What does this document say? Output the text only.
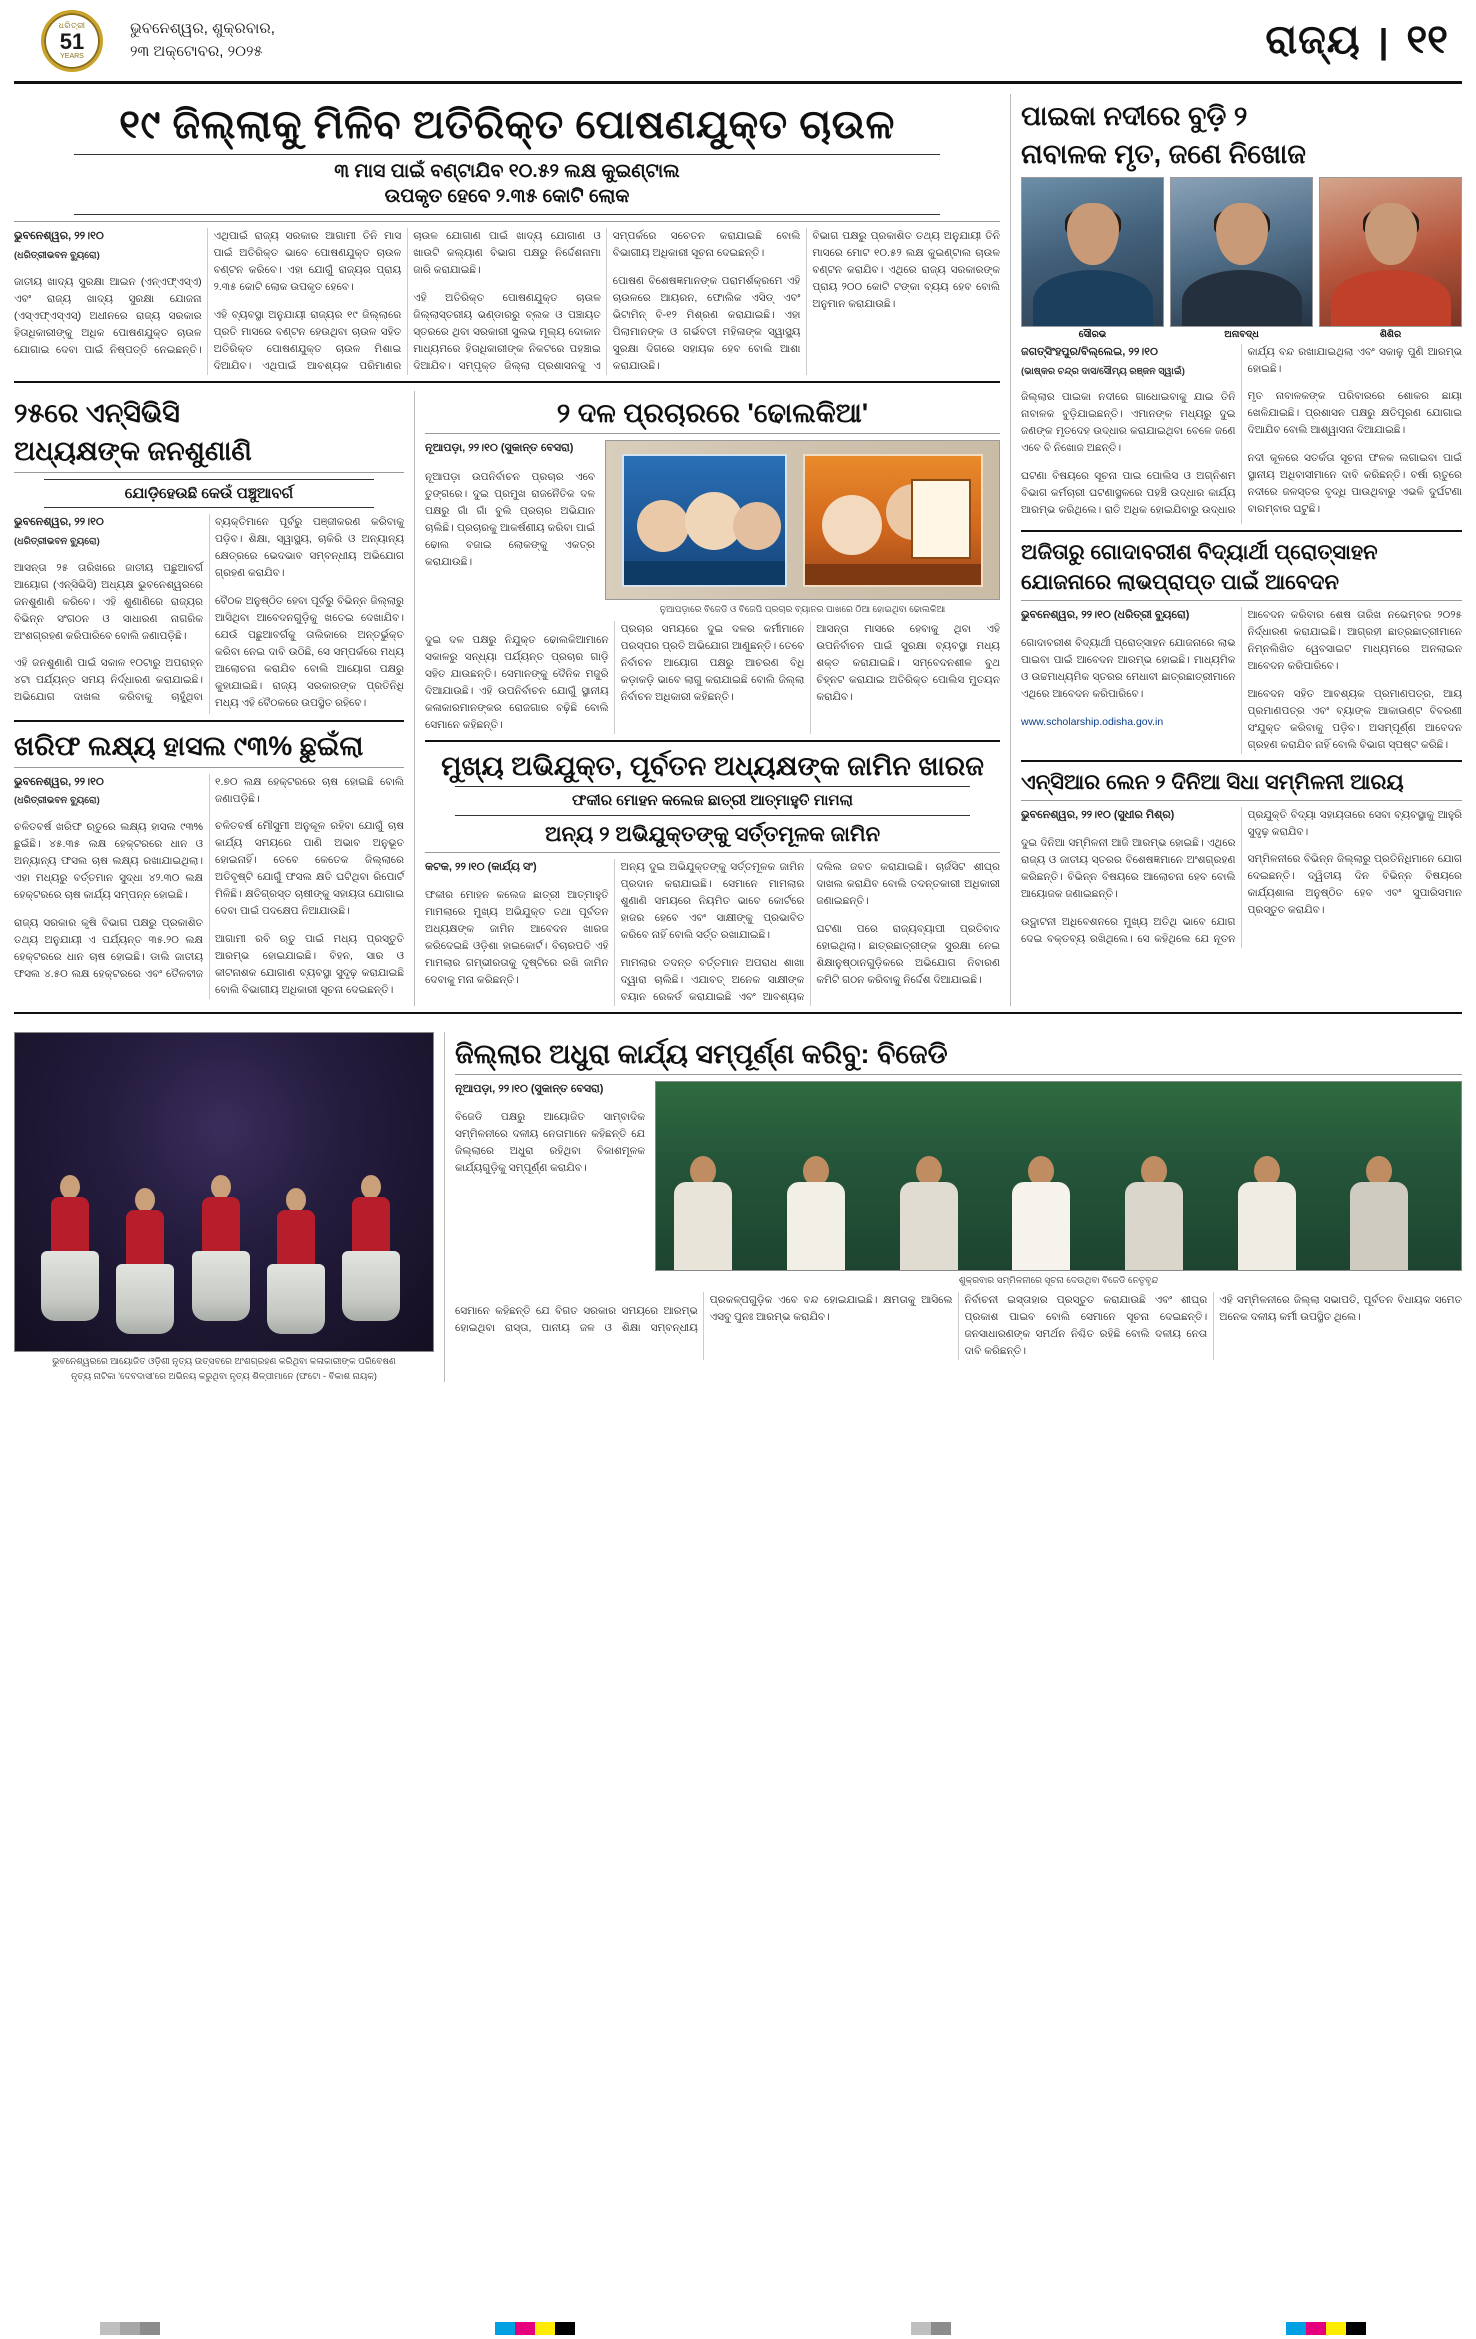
ଧରିତ୍ରୀ
51
YEARS
ଭୁବନେଶ୍ୱର, ଶୁକ୍ରବାର,
୨୩ ଅକ୍ଟୋବର, ୨୦୨୫	ରାଜ୍ୟ | ୧୧
୧୯ ଜିଲ୍ଲାକୁ ମିଳିବ ଅତିରିକ୍ତ ପୋଷଣଯୁକ୍ତ ଚାଉଳ
୩ ମାସ ପାଇଁ ବଣ୍ଟାଯିବ ୧୦.୫୨ ଲକ୍ଷ କୁଇଣ୍ଟାଲ
ଉପକୃତ ହେବେ ୨.୩୫ କୋଟି ଲୋକ
ଭୁବନେଶ୍ୱର, ୨୨।୧୦
(ଧରିତ୍ରୀଭବନ ବ୍ୟୁରୋ)

ଜାତୀୟ ଖାଦ୍ୟ ସୁରକ୍ଷା ଆଇନ (ଏନ୍‌ଏଫ୍‌ଏସ୍‌ଏ) ଏବଂ ରାଜ୍ୟ ଖାଦ୍ୟ ସୁରକ୍ଷା ଯୋଜନା (ଏସ୍‌ଏଫ୍‌ଏସ୍‌ଏସ୍) ଅଧୀନରେ ରାଜ୍ୟ ସରକାର ହିତାଧିକାରୀଙ୍କୁ ଅଧିକ ପୋଷଣଯୁକ୍ତ ଚାଉଳ ଯୋଗାଇ ଦେବା ପାଇଁ ନିଷ୍ପତ୍ତି ନେଇଛନ୍ତି। ଏଥିପାଇଁ ରାଜ୍ୟ ସରକାର ଆଗାମୀ ତିନି ମାସ ପାଇଁ ଅତିରିକ୍ତ ଭାବେ ପୋଷଣଯୁକ୍ତ ଚାଉଳ ବଣ୍ଟନ କରିବେ। ଏହା ଯୋଗୁଁ ରାଜ୍ୟର ପ୍ରାୟ ୨.୩୫ କୋଟି ଲୋକ ଉପକୃତ ହେବେ।

ଏହି ବ୍ୟବସ୍ଥା ଅନୁଯାୟୀ ରାଜ୍ୟର ୧୯ ଜିଲ୍ଲାରେ ପ୍ରତି ମାସରେ ବଣ୍ଟନ ହେଉଥିବା ଚାଉଳ ସହିତ ଅତିରିକ୍ତ ପୋଷଣଯୁକ୍ତ ଚାଉଳ ମିଶାଇ ଦିଆଯିବ। ଏଥିପାଇଁ ଆବଶ୍ୟକ ପରିମାଣର ଚାଉଳ ଯୋଗାଣ ପାଇଁ ଖାଦ୍ୟ ଯୋଗାଣ ଓ ଖାଉଟି କଲ୍ୟାଣ ବିଭାଗ ପକ୍ଷରୁ ନିର୍ଦ୍ଦେଶନାମା ଜାରି କରାଯାଇଛି।

ଏହି ଅତିରିକ୍ତ ପୋଷଣଯୁକ୍ତ ଚାଉଳ ଜିଲ୍ଲାସ୍ତରୀୟ ଭଣ୍ଡାରରୁ ବ୍ଲକ ଓ ପଞ୍ଚାୟତ ସ୍ତରରେ ଥିବା ସରକାରୀ ସୁଲଭ ମୂଲ୍ୟ ଦୋକାନ ମାଧ୍ୟମରେ ହିତାଧିକାରୀଙ୍କ ନିକଟରେ ପହଞ୍ଚାଇ ଦିଆଯିବ। ସମ୍ପୃକ୍ତ ଜିଲ୍ଲା ପ୍ରଶାସନକୁ ଏ ସମ୍ପର୍କରେ ସଚେତନ କରାଯାଇଛି ବୋଲି ବିଭାଗୀୟ ଅଧିକାରୀ ସୂଚନା ଦେଇଛନ୍ତି।

ପୋଷଣ ବିଶେଷଜ୍ଞମାନଙ୍କ ପରାମର୍ଶକ୍ରମେ ଏହି ଚାଉଳରେ ଆୟରନ, ଫୋଲିକ ଏସିଡ୍ ଏବଂ ଭିଟାମିନ୍ ବି-୧୨ ମିଶ୍ରଣ କରାଯାଇଛି। ଏହା ପିଲାମାନଙ୍କ ଓ ଗର୍ଭବତୀ ମହିଳାଙ୍କ ସ୍ୱାସ୍ଥ୍ୟ ସୁରକ୍ଷା ଦିଗରେ ସହାୟକ ହେବ ବୋଲି ଆଶା କରାଯାଉଛି।

ବିଭାଗ ପକ୍ଷରୁ ପ୍ରକାଶିତ ତଥ୍ୟ ଅନୁଯାୟୀ ତିନି ମାସରେ ମୋଟ ୧୦.୫୨ ଲକ୍ଷ କୁଇଣ୍ଟାଲ ଚାଉଳ ବଣ୍ଟନ କରାଯିବ। ଏଥିରେ ରାଜ୍ୟ ସରକାରଙ୍କ ପ୍ରାୟ ୨୦୦ କୋଟି ଟଙ୍କା ବ୍ୟୟ ହେବ ବୋଲି ଅନୁମାନ କରାଯାଉଛି।

୨୫ରେ ଏନ୍‌ସିଭିସି
ଅଧ୍ୟକ୍ଷଙ୍କ ଜନଶୁଣାଣି
ଯୋଡ଼ିହେଉଛି କେଉଁ ପଞ୍ଚୁଆବର୍ଗ
ଭୁବନେଶ୍ୱର, ୨୨।୧୦
(ଧରିତ୍ରୀଭବନ ବ୍ୟୁରୋ)

ଆସନ୍ତା ୨୫ ତାରିଖରେ ଜାତୀୟ ପଛୁଆବର୍ଗ ଆୟୋଗ (ଏନ୍‌ସିଭିସି) ଅଧ୍ୟକ୍ଷ ଭୁବନେଶ୍ୱରରେ ଜନଶୁଣାଣି କରିବେ। ଏହି ଶୁଣାଣିରେ ରାଜ୍ୟର ବିଭିନ୍ନ ସଂଗଠନ ଓ ସାଧାରଣ ନାଗରିକ ଅଂଶଗ୍ରହଣ କରିପାରିବେ ବୋଲି ଜଣାପଡ଼ିଛି।

ଏହି ଜନଶୁଣାଣି ପାଇଁ ସକାଳ ୧୦ଟାରୁ ଅପରାହ୍ନ ୪ଟା ପର୍ଯ୍ୟନ୍ତ ସମୟ ନିର୍ଦ୍ଧାରଣ କରାଯାଇଛି। ଅଭିଯୋଗ ଦାଖଲ କରିବାକୁ ଚାହୁଁଥିବା ବ୍ୟକ୍ତିମାନେ ପୂର୍ବରୁ ପଞ୍ଜୀକରଣ କରିବାକୁ ପଡ଼ିବ। ଶିକ୍ଷା, ସ୍ୱାସ୍ଥ୍ୟ, ଚାକିରି ଓ ଅନ୍ୟାନ୍ୟ କ୍ଷେତ୍ରରେ ଭେଦଭାବ ସମ୍ବନ୍ଧୀୟ ଅଭିଯୋଗ ଗ୍ରହଣ କରାଯିବ।

ବୈଠକ ଅନୁଷ୍ଠିତ ହେବା ପୂର୍ବରୁ ବିଭିନ୍ନ ଜିଲ୍ଲାରୁ ଆସିଥିବା ଆବେଦନଗୁଡ଼ିକୁ ଖତେଇ ଦେଖାଯିବ। ଯେଉଁ ପଛୁଆବର୍ଗକୁ ତାଲିକାରେ ଅନ୍ତର୍ଭୁକ୍ତ କରିବା ନେଇ ଦାବି ଉଠିଛି, ସେ ସମ୍ପର୍କରେ ମଧ୍ୟ ଆଲୋଚନା କରାଯିବ ବୋଲି ଆୟୋଗ ପକ୍ଷରୁ କୁହାଯାଇଛି। ରାଜ୍ୟ ସରକାରଙ୍କ ପ୍ରତିନିଧି ମଧ୍ୟ ଏହି ବୈଠକରେ ଉପସ୍ଥିତ ରହିବେ।

ଖରିଫ ଲକ୍ଷ୍ୟ ହାସଲ ୯୩% ଛୁଇଁଲା
ଭୁବନେଶ୍ୱର, ୨୨।୧୦
(ଧରିତ୍ରୀଭବନ ବ୍ୟୁରୋ)

ଚଳିତବର୍ଷ ଖରିଫ ଋତୁରେ ଲକ୍ଷ୍ୟ ହାସଲ ୯୩% ଛୁଇଁଛି। ୪୫.୩୫ ଲକ୍ଷ ହେକ୍ଟରରେ ଧାନ ଓ ଅନ୍ୟାନ୍ୟ ଫସଲ ଚାଷ ଲକ୍ଷ୍ୟ ରଖାଯାଇଥିଲା। ଏହା ମଧ୍ୟରୁ ବର୍ତ୍ତମାନ ସୁଦ୍ଧା ୪୨.୩୦ ଲକ୍ଷ ହେକ୍ଟରରେ ଚାଷ କାର୍ଯ୍ୟ ସମ୍ପନ୍ନ ହୋଇଛି।

ରାଜ୍ୟ ସରକାର କୃଷି ବିଭାଗ ପକ୍ଷରୁ ପ୍ରକାଶିତ ତଥ୍ୟ ଅନୁଯାୟୀ ଏ ପର୍ଯ୍ୟନ୍ତ ୩୫.୨୦ ଲକ୍ଷ ହେକ୍ଟରରେ ଧାନ ଚାଷ ହୋଇଛି। ଡାଲି ଜାତୀୟ ଫସଲ ୪.୫୦ ଲକ୍ଷ ହେକ୍ଟରରେ ଏବଂ ତୈଳବୀଜ ୧.୭୦ ଲକ୍ଷ ହେକ୍ଟରରେ ଚାଷ ହୋଇଛି ବୋଲି ଜଣାପଡ଼ିଛି।

ଚଳିତବର୍ଷ ମୌସୁମୀ ଅନୁକୂଳ ରହିବା ଯୋଗୁଁ ଚାଷ କାର୍ଯ୍ୟ ସମୟରେ ପାଣି ଅଭାବ ଅନୁଭୂତ ହୋଇନାହିଁ। ତେବେ କେତେକ ଜିଲ୍ଲାରେ ଅତିବୃଷ୍ଟି ଯୋଗୁଁ ଫସଲ କ୍ଷତି ଘଟିଥିବା ରିପୋର୍ଟ ମିଳିଛି। କ୍ଷତିଗ୍ରସ୍ତ ଚାଷୀଙ୍କୁ ସହାୟତା ଯୋଗାଇ ଦେବା ପାଇଁ ପଦକ୍ଷେପ ନିଆଯାଉଛି।

ଆଗାମୀ ରବି ଋତୁ ପାଇଁ ମଧ୍ୟ ପ୍ରସ୍ତୁତି ଆରମ୍ଭ ହୋଇଯାଇଛି। ବିହନ, ସାର ଓ କୀଟନାଶକ ଯୋଗାଣ ବ୍ୟବସ୍ଥା ସୁଦୃଢ଼ କରାଯାଇଛି ବୋଲି ବିଭାଗୀୟ ଅଧିକାରୀ ସୂଚନା ଦେଇଛନ୍ତି।

୨ ଦଳ ପ୍ରଚାରରେ 'ଢୋଲକିଆ'
ନୂଆପଡ଼ା, ୨୨।୧୦ (ସୁକାନ୍ତ ବେସରା)

ନୂଆପଡ଼ା ଉପନିର୍ବାଚନ ପ୍ରଚାର ଏବେ ତୁଙ୍ଗରେ। ଦୁଇ ପ୍ରମୁଖ ରାଜନୈତିକ ଦଳ ପକ୍ଷରୁ ଗାଁ ଗାଁ ବୁଲି ପ୍ରଚାର ଅଭିଯାନ ଚାଲିଛି। ପ୍ରଚାରକୁ ଆକର୍ଷଣୀୟ କରିବା ପାଇଁ ଢୋଲ ବଜାଇ ଲୋକଙ୍କୁ ଏକତ୍ର କରାଯାଉଛି।

ନୁଆପଡ଼ାରେ ବିଜେଡି ଓ ବିଜେପି ପ୍ରଚାର ବ୍ୟାନର ପାଖରେ ଠିଆ ହୋଇଥିବା ଢୋଲକିଆ

ଦୁଇ ଦଳ ପକ୍ଷରୁ ନିଯୁକ୍ତ ଢୋଲକିଆମାନେ ସକାଳରୁ ସନ୍ଧ୍ୟା ପର୍ଯ୍ୟନ୍ତ ପ୍ରଚାର ଗାଡ଼ି ସହିତ ଯାଉଛନ୍ତି। ସେମାନଙ୍କୁ ଦୈନିକ ମଜୁରି ଦିଆଯାଉଛି। ଏହି ଉପନିର୍ବାଚନ ଯୋଗୁଁ ସ୍ଥାନୀୟ କଳାକାରମାନଙ୍କର ରୋଜଗାର ବଢ଼ିଛି ବୋଲି ସେମାନେ କହିଛନ୍ତି।

ପ୍ରଚାର ସମୟରେ ଦୁଇ ଦଳର କର୍ମୀମାନେ ପରସ୍ପର ପ୍ରତି ଅଭିଯୋଗ ଆଣୁଛନ୍ତି। ତେବେ ନିର୍ବାଚନ ଆୟୋଗ ପକ୍ଷରୁ ଆଚରଣ ବିଧି କଡ଼ାକଡ଼ି ଭାବେ ଲାଗୁ କରାଯାଇଛି ବୋଲି ଜିଲ୍ଲା ନିର୍ବାଚନ ଅଧିକାରୀ କହିଛନ୍ତି।

ଆସନ୍ତା ମାସରେ ହେବାକୁ ଥିବା ଏହି ଉପନିର୍ବାଚନ ପାଇଁ ସୁରକ୍ଷା ବ୍ୟବସ୍ଥା ମଧ୍ୟ ଶକ୍ତ କରାଯାଇଛି। ସମ୍ବେଦନଶୀଳ ବୁଥ ଚିହ୍ନଟ କରାଯାଇ ଅତିରିକ୍ତ ପୋଲିସ ମୁତୟନ କରାଯିବ।

ମୁଖ୍ୟ ଅଭିଯୁକ୍ତ, ପୂର୍ବତନ ଅଧ୍ୟକ୍ଷଙ୍କ ଜାମିନ ଖାରଜ
ଫକୀର ମୋହନ କଲେଜ ଛାତ୍ରୀ ଆତ୍ମାହୁତି ମାମଲା
ଅନ୍ୟ ୨ ଅଭିଯୁକ୍ତଙ୍କୁ ସର୍ତ୍ତମୂଳକ ଜାମିନ
କଟକ, ୨୨।୧୦ (କାର୍ଯ୍ୟ ସଂ)

ଫକୀର ମୋହନ କଲେଜ ଛାତ୍ରୀ ଆତ୍ମାହୁତି ମାମଲାରେ ମୁଖ୍ୟ ଅଭିଯୁକ୍ତ ତଥା ପୂର୍ବତନ ଅଧ୍ୟକ୍ଷଙ୍କ ଜାମିନ ଆବେଦନ ଖାରଜ କରିଦେଇଛି ଓଡ଼ିଶା ହାଇକୋର୍ଟ। ବିଚାରପତି ଏହି ମାମଲାର ଗମ୍ଭୀରତାକୁ ଦୃଷ୍ଟିରେ ରଖି ଜାମିନ ଦେବାକୁ ମନା କରିଛନ୍ତି।

ଅନ୍ୟ ଦୁଇ ଅଭିଯୁକ୍ତଙ୍କୁ ସର୍ତ୍ତମୂଳକ ଜାମିନ ପ୍ରଦାନ କରାଯାଇଛି। ସେମାନେ ମାମଲାର ଶୁଣାଣି ସମୟରେ ନିୟମିତ ଭାବେ କୋର୍ଟରେ ହାଜର ହେବେ ଏବଂ ସାକ୍ଷୀଙ୍କୁ ପ୍ରଭାବିତ କରିବେ ନାହିଁ ବୋଲି ସର୍ତ୍ତ ରଖାଯାଇଛି।

ମାମଲାର ତଦନ୍ତ ବର୍ତ୍ତମାନ ଅପରାଧ ଶାଖା ଦ୍ୱାରା ଚାଲିଛି। ଏଯାବତ୍ ଅନେକ ସାକ୍ଷୀଙ୍କ ବୟାନ ରେକର୍ଡ କରାଯାଇଛି ଏବଂ ଆବଶ୍ୟକ ଦଲିଲ ଜବତ କରାଯାଇଛି। ଚାର୍ଜସିଟ ଶୀଘ୍ର ଦାଖଲ କରାଯିବ ବୋଲି ତଦନ୍ତକାରୀ ଅଧିକାରୀ ଜଣାଇଛନ୍ତି।

ଘଟଣା ପରେ ରାଜ୍ୟବ୍ୟାପୀ ପ୍ରତିବାଦ ହୋଇଥିଲା। ଛାତ୍ରଛାତ୍ରୀଙ୍କ ସୁରକ୍ଷା ନେଇ ଶିକ୍ଷାନୁଷ୍ଠାନଗୁଡ଼ିକରେ ଅଭିଯୋଗ ନିବାରଣ କମିଟି ଗଠନ କରିବାକୁ ନିର୍ଦ୍ଦେଶ ଦିଆଯାଇଛି।

ପାଇକା ନଦୀରେ ବୁଡ଼ି ୨
ନାବାଳକ ମୃତ, ଜଣେ ନିଖୋଜ
ସୌରଭ	ଅନାବଦ୍ଧ	ଶିଶିର
ଜଗତ୍‌ସିଂହପୁର/ବିଲ୍ଲେଇ, ୨୨।୧୦
(ଭାଷ୍କର ଚନ୍ଦ୍ର ଦାସ/ସୌମ୍ୟ ରଞ୍ଜନ ସ୍ୱାଇଁ)

ଜିଲ୍ଲାର ପାଇକା ନଦୀରେ ଗାଧୋଇବାକୁ ଯାଇ ତିନି ନାବାଳକ ବୁଡ଼ିଯାଇଛନ୍ତି। ଏମାନଙ୍କ ମଧ୍ୟରୁ ଦୁଇ ଜଣଙ୍କ ମୃତଦେହ ଉଦ୍ଧାର କରାଯାଇଥିବା ବେଳେ ଜଣେ ଏବେ ବି ନିଖୋଜ ଅଛନ୍ତି।

ଘଟଣା ବିଷୟରେ ସୂଚନା ପାଇ ପୋଲିସ ଓ ଅଗ୍ନିଶମ ବିଭାଗ କର୍ମଚାରୀ ଘଟଣାସ୍ଥଳରେ ପହଞ୍ଚି ଉଦ୍ଧାର କାର୍ଯ୍ୟ ଆରମ୍ଭ କରିଥିଲେ। ରାତି ଅଧିକ ହୋଇଯିବାରୁ ଉଦ୍ଧାର କାର୍ଯ୍ୟ ବନ୍ଦ ରଖାଯାଇଥିଲା ଏବଂ ସକାଳୁ ପୁଣି ଆରମ୍ଭ ହୋଇଛି।

ମୃତ ନାବାଳକଙ୍କ ପରିବାରରେ ଶୋକର ଛାୟା ଖେଳିଯାଇଛି। ପ୍ରଶାସନ ପକ୍ଷରୁ କ୍ଷତିପୂରଣ ଯୋଗାଇ ଦିଆଯିବ ବୋଲି ଆଶ୍ୱାସନା ଦିଆଯାଇଛି।

ନଦୀ କୂଳରେ ସତର୍କତା ସୂଚନା ଫଳକ ଲଗାଇବା ପାଇଁ ସ୍ଥାନୀୟ ଅଧିବାସୀମାନେ ଦାବି କରିଛନ୍ତି। ବର୍ଷା ଋତୁରେ ନଦୀରେ ଜଳସ୍ତର ବୃଦ୍ଧି ପାଉଥିବାରୁ ଏଭଳି ଦୁର୍ଘଟଣା ବାରମ୍ବାର ଘଟୁଛି।

ଅଜିତାରୁ ଗୋଦାବରୀଶ ବିଦ୍ୟାର୍ଥୀ ପ୍ରୋତ୍ସାହନ
ଯୋଜନାରେ ଲାଭପ୍ରାପ୍ତ ପାଇଁ ଆବେଦନ
ଭୁବନେଶ୍ୱର, ୨୨।୧୦ (ଧରିତ୍ରୀ ବ୍ୟୁରୋ)

ଗୋଦାବରୀଶ ବିଦ୍ୟାର୍ଥୀ ପ୍ରୋତ୍ସାହନ ଯୋଜନାରେ ଲାଭ ପାଇବା ପାଇଁ ଆବେଦନ ଆରମ୍ଭ ହୋଇଛି। ମାଧ୍ୟମିକ ଓ ଉଚ୍ଚମାଧ୍ୟମିକ ସ୍ତରର ମେଧାବୀ ଛାତ୍ରଛାତ୍ରୀମାନେ ଏଥିରେ ଆବେଦନ କରିପାରିବେ।

www.scholarship.odisha.gov.in

ଆବେଦନ କରିବାର ଶେଷ ତାରିଖ ନଭେମ୍ବର ୨୦୨୫ ନିର୍ଦ୍ଧାରଣ କରାଯାଇଛି। ଆଗ୍ରହୀ ଛାତ୍ରଛାତ୍ରୀମାନେ ନିମ୍ନଲିଖିତ ୱେବସାଇଟ ମାଧ୍ୟମରେ ଅନଲାଇନ ଆବେଦନ କରିପାରିବେ।

ଆବେଦନ ସହିତ ଆବଶ୍ୟକ ପ୍ରମାଣପତ୍ର, ଆୟ ପ୍ରମାଣପତ୍ର ଏବଂ ବ୍ୟାଙ୍କ ଆକାଉଣ୍ଟ ବିବରଣୀ ସଂଯୁକ୍ତ କରିବାକୁ ପଡ଼ିବ। ଅସମ୍ପୂର୍ଣ୍ଣ ଆବେଦନ ଗ୍ରହଣ କରାଯିବ ନାହିଁ ବୋଲି ବିଭାଗ ସ୍ପଷ୍ଟ କରିଛି।

ଏନ୍‌ସିଆର ଲେନ ୨ ଦିନିଆ ସିଧା ସମ୍ମିଳନୀ ଆରୟ
ଭୁବନେଶ୍ୱର, ୨୨।୧୦ (ସୁଧୀର ମିଶ୍ର)

ଦୁଇ ଦିନିଆ ସମ୍ମିଳନୀ ଆଜି ଆରମ୍ଭ ହୋଇଛି। ଏଥିରେ ରାଜ୍ୟ ଓ ଜାତୀୟ ସ୍ତରର ବିଶେଷଜ୍ଞମାନେ ଅଂଶଗ୍ରହଣ କରିଛନ୍ତି। ବିଭିନ୍ନ ବିଷୟରେ ଆଲୋଚନା ହେବ ବୋଲି ଆୟୋଜକ ଜଣାଇଛନ୍ତି।

ଉଦ୍ଘାଟନୀ ଅଧିବେଶନରେ ମୁଖ୍ୟ ଅତିଥି ଭାବେ ଯୋଗ ଦେଇ ବକ୍ତବ୍ୟ ରଖିଥିଲେ। ସେ କହିଥିଲେ ଯେ ନୂତନ ପ୍ରଯୁକ୍ତି ବିଦ୍ୟା ସହାୟତାରେ ସେବା ବ୍ୟବସ୍ଥାକୁ ଆହୁରି ସୁଦୃଢ଼ କରାଯିବ।

ସମ୍ମିଳନୀରେ ବିଭିନ୍ନ ଜିଲ୍ଲାରୁ ପ୍ରତିନିଧିମାନେ ଯୋଗ ଦେଇଛନ୍ତି। ଦ୍ୱିତୀୟ ଦିନ ବିଭିନ୍ନ ବିଷୟରେ କାର୍ଯ୍ୟଶାଳା ଅନୁଷ୍ଠିତ ହେବ ଏବଂ ସୁପାରିସମାନ ପ୍ରସ୍ତୁତ କରାଯିବ।

ଭୁବନେଶ୍ୱରରେ ଆୟୋଜିତ ଓଡ଼ିଶୀ ନୃତ୍ୟ ଉତ୍ସବରେ ଅଂଶଗ୍ରହଣ କରିଥିବା କଳାକାରୀଙ୍କ ପରିବେଷଣ
ନୃତ୍ୟ ନାଟିକା 'ଦେବଦାସୀ'ରେ ଅଭିନୟ କରୁଥିବା ନୃତ୍ୟ ଶିଳ୍ପୀମାନେ (ଫଟୋ - ବିକାଶ ନାୟକ)
ଜିଲ୍ଲାର ଅଧୁରା କାର୍ଯ୍ୟ ସମ୍ପୂର୍ଣ୍ଣ କରିବୁ: ବିଜେଡି
ନୂଆପଡ଼ା, ୨୨।୧୦ (ସୁକାନ୍ତ ବେସରା)

ବିଜେଡି ପକ୍ଷରୁ ଆୟୋଜିତ ସାମ୍ବାଦିକ ସମ୍ମିଳନୀରେ ଦଳୀୟ ନେତାମାନେ କହିଛନ୍ତି ଯେ ଜିଲ୍ଲାରେ ଅଧୁରା ରହିଥିବା ବିକାଶମୂଳକ କାର୍ଯ୍ୟଗୁଡ଼ିକୁ ସମ୍ପୂର୍ଣ୍ଣ କରାଯିବ।

ଶୁକ୍ରବାର ସମ୍ମିଳନୀରେ ସୂଚନା ଦେଉଥିବା ବିଜେଡି ନେତୃବୃନ୍ଦ

ସେମାନେ କହିଛନ୍ତି ଯେ ବିଗତ ସରକାର ସମୟରେ ଆରମ୍ଭ ହୋଇଥିବା ରାସ୍ତା, ପାନୀୟ ଜଳ ଓ ଶିକ୍ଷା ସମ୍ବନ୍ଧୀୟ ପ୍ରକଳ୍ପଗୁଡ଼ିକ ଏବେ ବନ୍ଦ ହୋଇଯାଇଛି। କ୍ଷମତାକୁ ଆସିଲେ ଏସବୁ ପୁନଃ ଆରମ୍ଭ କରାଯିବ।

ନିର୍ବାଚନୀ ଇସ୍ତାହାର ପ୍ରସ୍ତୁତ କରାଯାଉଛି ଏବଂ ଶୀଘ୍ର ପ୍ରକାଶ ପାଇବ ବୋଲି ସେମାନେ ସୂଚନା ଦେଇଛନ୍ତି। ଜନସାଧାରଣଙ୍କ ସମର୍ଥନ ନିଶ୍ଚିତ ରହିଛି ବୋଲି ଦଳୀୟ ନେତା ଦାବି କରିଛନ୍ତି।

ଏହି ସମ୍ମିଳନୀରେ ଜିଲ୍ଲା ସଭାପତି, ପୂର୍ବତନ ବିଧାୟକ ସମେତ ଅନେକ ଦଳୀୟ କର୍ମୀ ଉପସ୍ଥିତ ଥିଲେ।
